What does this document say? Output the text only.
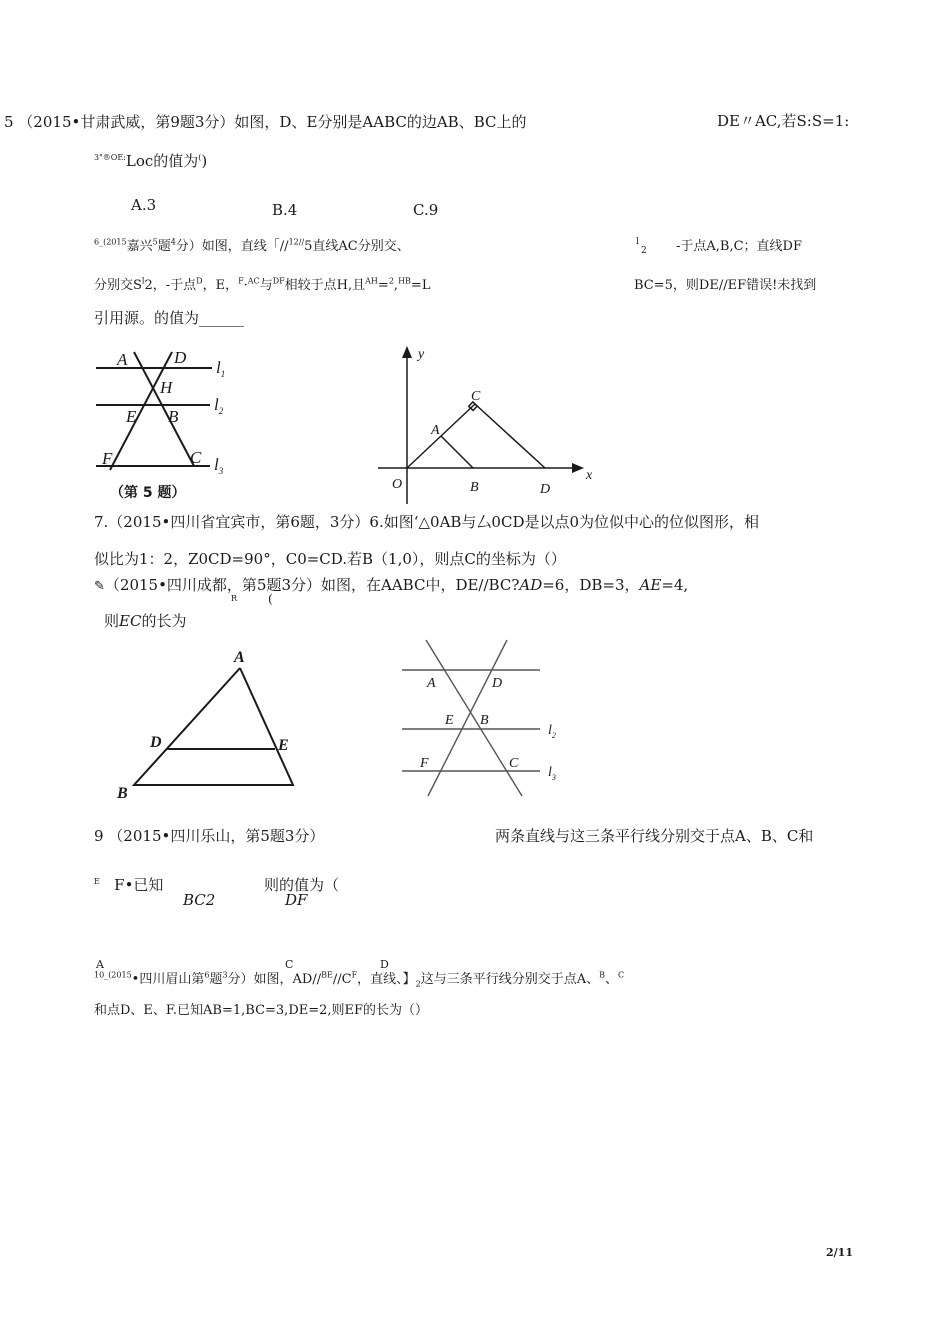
5 （2015•甘肃武威，第9题3分）如图，D、E分别是AABC的边AB、BC上的	DE〃AC,若S:S=1:
$^{3"®OE:}$Loc的值为()
A.3	B.4	C.9
$^{6\_(2015}$嘉兴$^5$题$^4$分）如图，直线「//$^{12//}$5直线AC分别交、	l
2 -于点A,B,C；直线DF
分别交$S^l2$，-于点$^D$，E，$^F$·$^{AC}$与$^{DF}$相较于点H,且$^{AH}$=$^2$,$^{HB}$=L	BC=5，则DE//EF错误!未找到
引用源。的值为______
A	D
H
E B
F	C
$l_1$
$l_2$
$l_3$
（第 5 题）
y
x
O
A
B
C
D
7.（2015•四川省宜宾市，第6题，3分）6.如图‘△0AB与厶0CD是以点0为位似中心的位似图形，相
似比为1：2，Z0CD=90°，C0=CD.若B（1,0），则点C的坐标为（）
✎（2015•四川成都，第5题3分）如图，在AABC中，DE//BC?AD=6，DB=3，AE=4,
R	(
则EC的长为
A
D	E
B
A	D
E B
F	C
$l_2$
$l_3$
9 （2015•四川乐山，第5题3分）	两条直线与这三条平行线分别交于点A、B、C和
$^E$ F•已知
BC2
则的值为（
DF
A	C	D
$^{10\_(2015}$•四川眉山第$^6$题$^3$分）如图，$AD//^{BE}//C^F$，直线、】$_2$这与三条平行线分别交于点A、$^B$、$^C$
和点D、E、F.已知AB=1,BC=3,DE=2,则EF的长为（）
2/11
